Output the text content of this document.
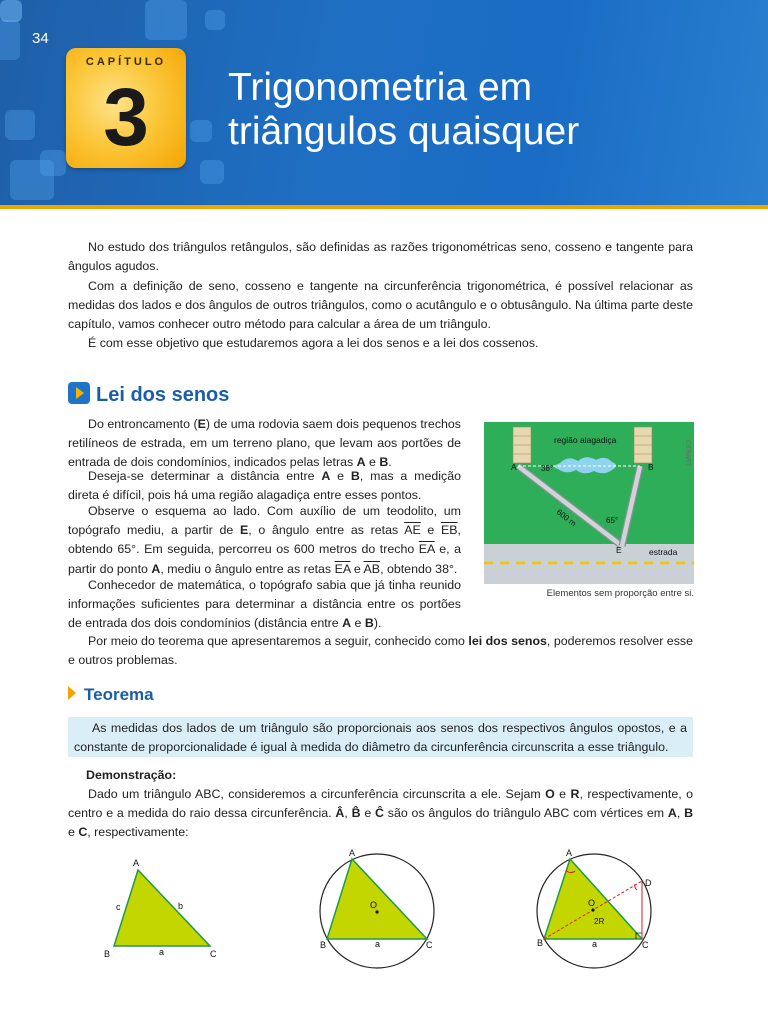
34
CAPÍTULO
3	Trigonometria em
triângulos quaisquer

No estudo dos triângulos retângulos, são definidas as razões trigonométricas seno, cosseno e tangente para ângulos agudos.

Com a definição de seno, cosseno e tangente na circunferência trigonométrica, é possível relacionar as medidas dos lados e dos ângulos de outros triângulos, como o acutângulo e o obtusângulo. Na última parte deste capítulo, vamos conhecer outro método para calcular a área de um triângulo.

É com esse objetivo que estudaremos agora a lei dos senos e a lei dos cossenos.

Lei dos senos

Do entroncamento (E) de uma rodovia saem dois pequenos trechos retilíneos de estrada, em um terreno plano, que levam aos portões de entrada de dois condomínios, indicados pelas letras A e B.

Deseja-se determinar a distância entre A e B, mas a medição direta é difícil, pois há uma região alagadiça entre esses pontos.

Observe o esquema ao lado. Com auxílio de um teodolito, um topógrafo mediu, a partir de E, o ângulo entre as retas $\overline{AE}$ e $\overline{EB}$, obtendo 65°. Em seguida, percorreu os 600 metros do trecho $\overline{EA}$ e, a partir do ponto A, mediu o ângulo entre as retas $\overline{EA}$ e $\overline{AB}$, obtendo 38°.

Conhecedor de matemática, o topógrafo sabia que já tinha reunido informações suficientes para determinar a distância entre os portões de entrada dos dois condomínios (distância entre A e B).

Por meio do teorema que apresentaremos a seguir, conhecido como lei dos senos, poderemos resolver esse e outros problemas.

A	B
E
38°
65°
600 m
região alagadiça
estrada
CITRART
Elementos sem proporção entre si.
Teorema

As medidas dos lados de um triângulo são proporcionais aos senos dos respectivos ângulos opostos, e a constante de proporcionalidade é igual à medida do diâmetro da circunferência circunscrita a esse triângulo.

Demonstração:

Dado um triângulo ABC, consideremos a circunferência circunscrita a ele. Sejam O e R, respectivamente, o centro e a medida do raio dessa circunferência. Â, B̂ e Ĉ são os ângulos do triângulo ABC com vértices em A, B e C, respectivamente:

A
B	C
a
b
c	O
A
B	C
a
O
2R
A
B	C
D
a
